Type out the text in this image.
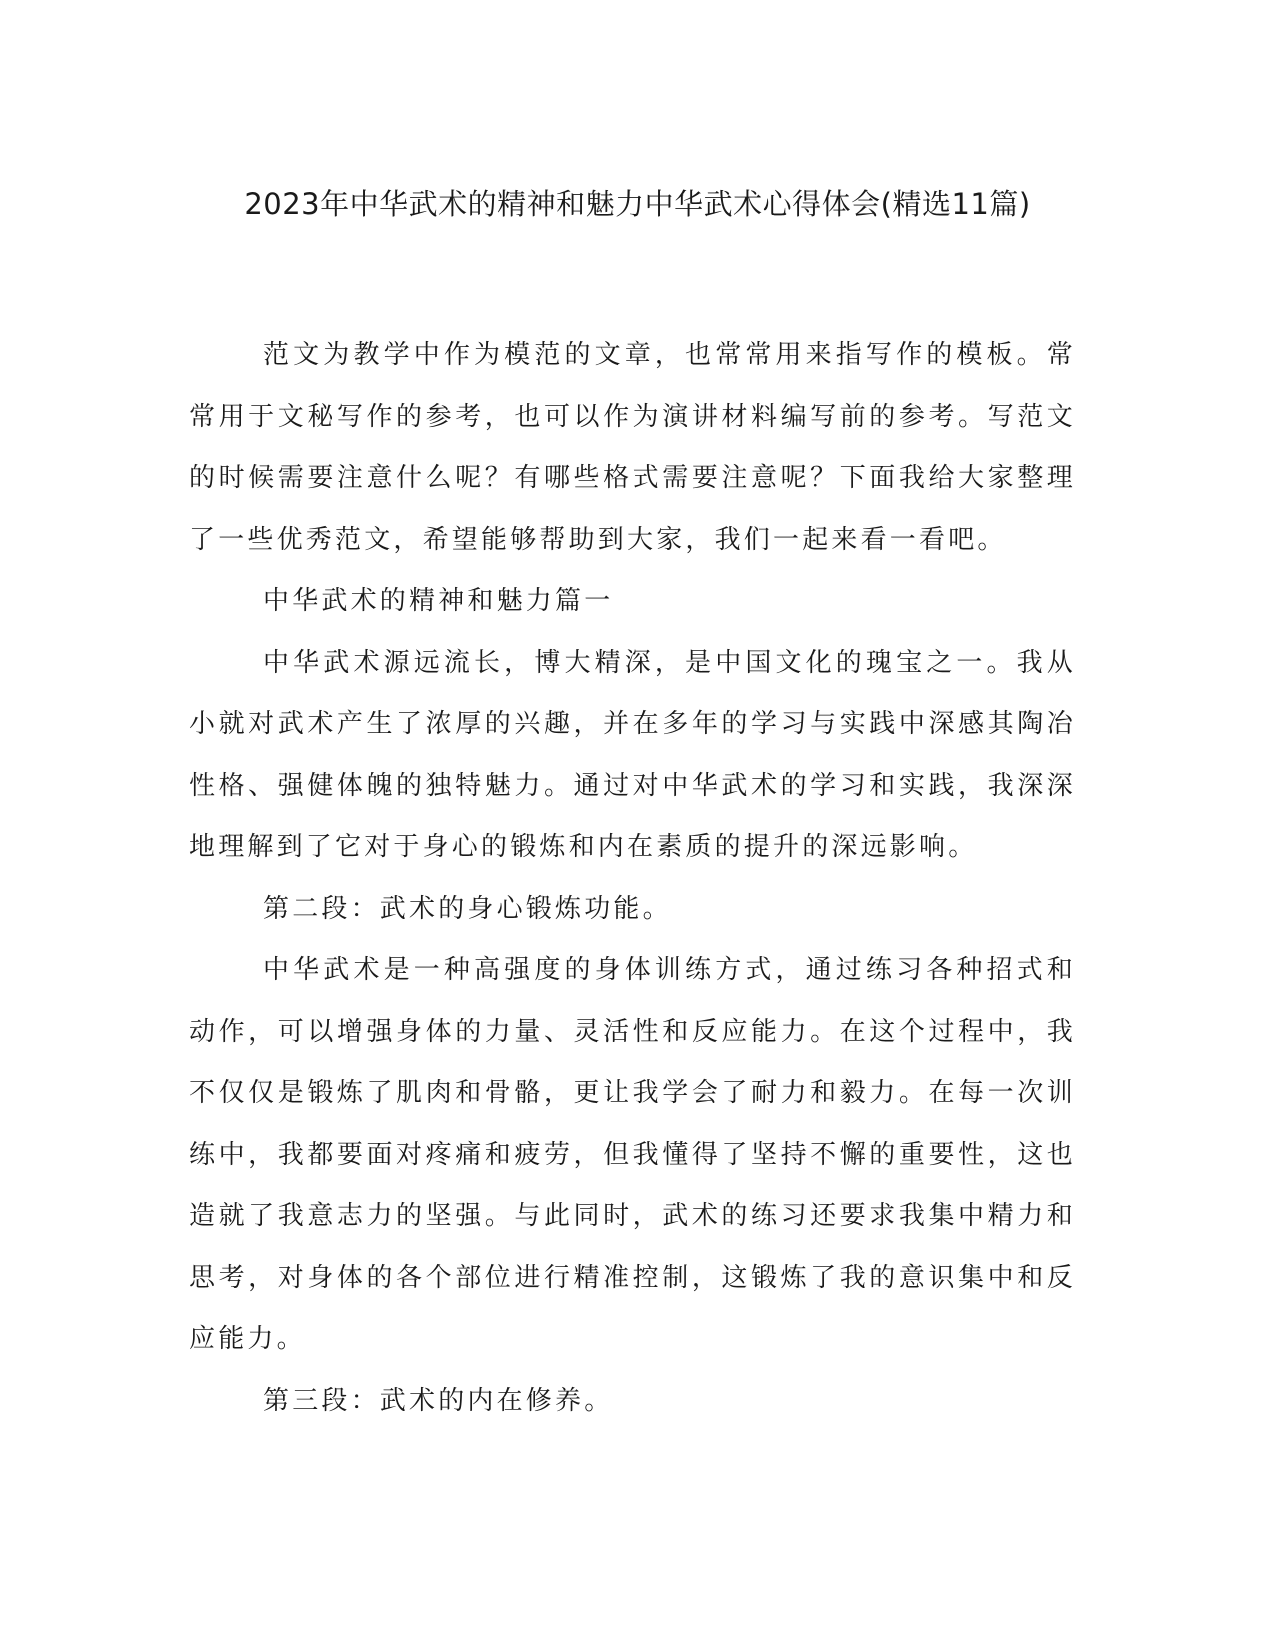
2023年中华武术的精神和魅力中华武术心得体会(精选11篇)

范文为教学中作为模范的文章，也常常用来指写作的模板。常常用于文秘写作的参考，也可以作为演讲材料编写前的参考。写范文的时候需要注意什么呢？有哪些格式需要注意呢？下面我给大家整理了一些优秀范文，希望能够帮助到大家，我们一起来看一看吧。

中华武术的精神和魅力篇一

中华武术源远流长，博大精深，是中国文化的瑰宝之一。我从小就对武术产生了浓厚的兴趣，并在多年的学习与实践中深感其陶冶性格、强健体魄的独特魅力。通过对中华武术的学习和实践，我深深地理解到了它对于身心的锻炼和内在素质的提升的深远影响。

第二段：武术的身心锻炼功能。

中华武术是一种高强度的身体训练方式，通过练习各种招式和动作，可以增强身体的力量、灵活性和反应能力。在这个过程中，我不仅仅是锻炼了肌肉和骨骼，更让我学会了耐力和毅力。在每一次训练中，我都要面对疼痛和疲劳，但我懂得了坚持不懈的重要性，这也造就了我意志力的坚强。与此同时，武术的练习还要求我集中精力和思考，对身体的各个部位进行精准控制，这锻炼了我的意识集中和反应能力。

第三段：武术的内在修养。
